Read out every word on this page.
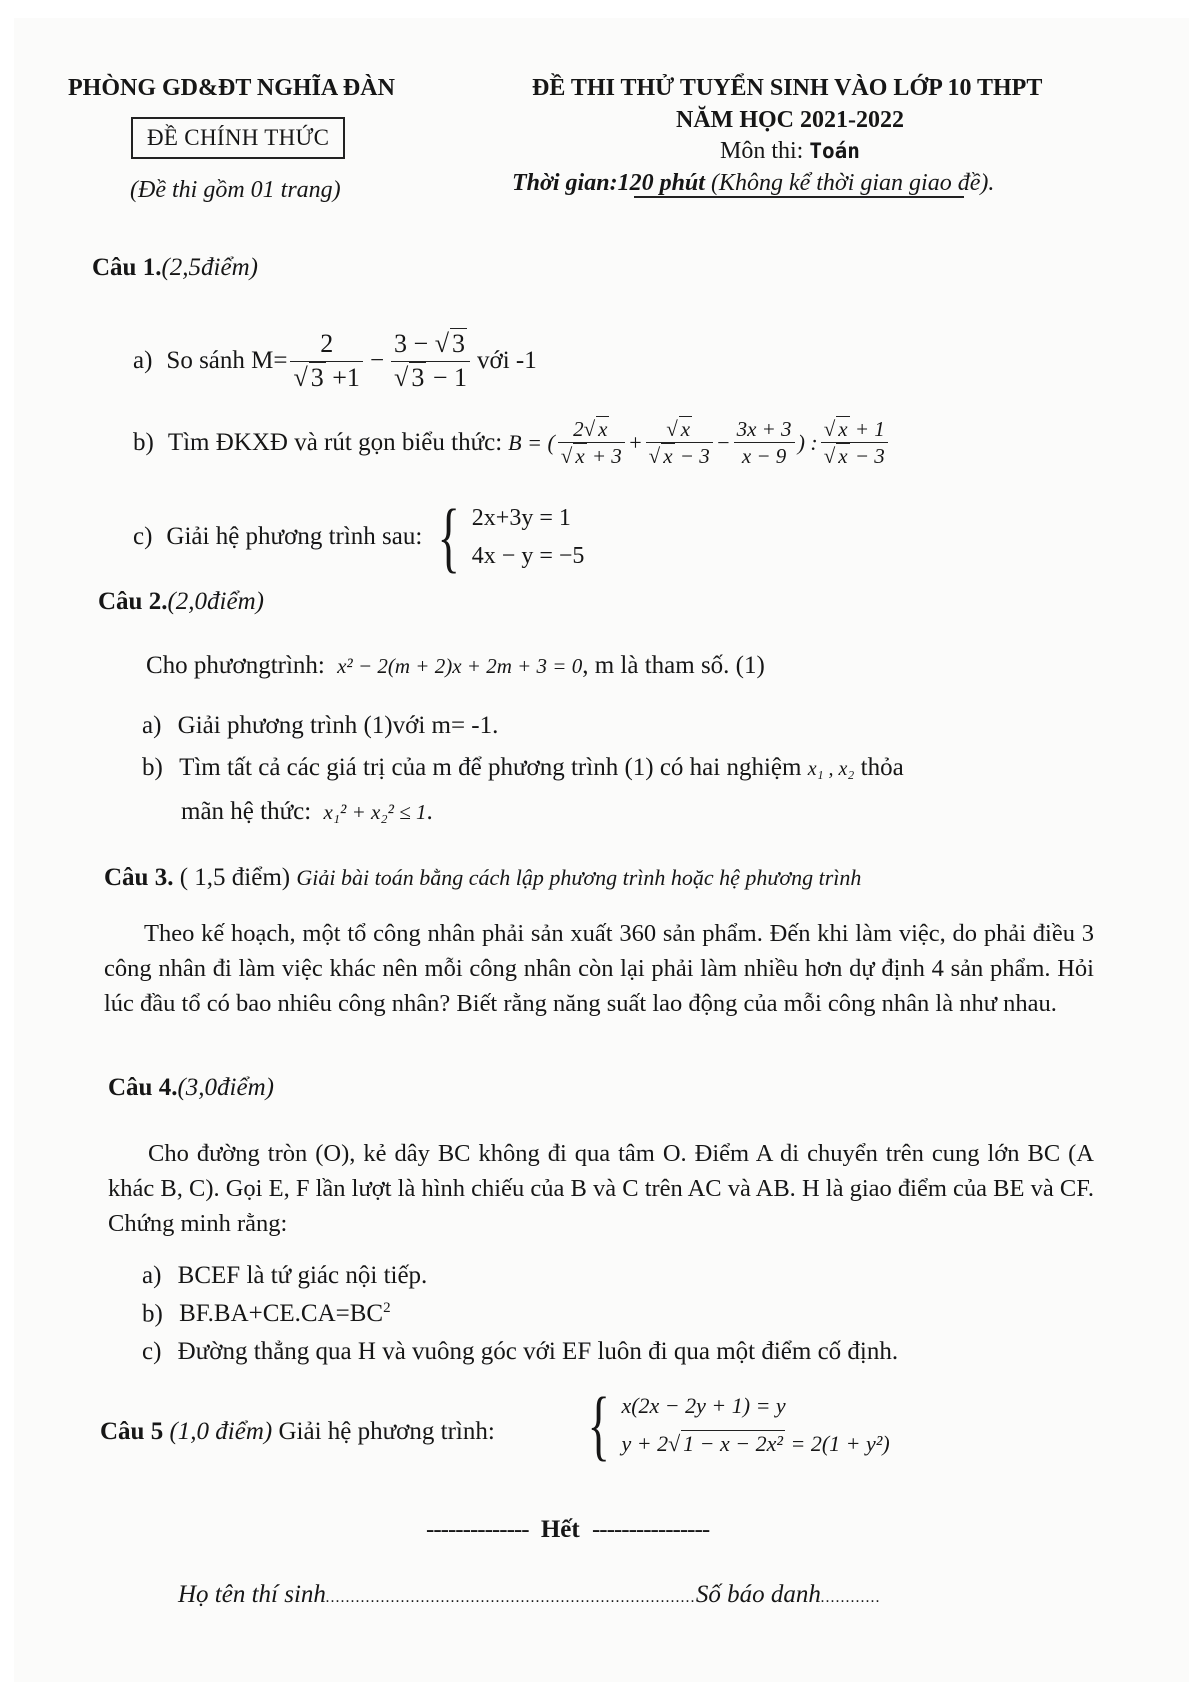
PHÒNG GD&ĐT NGHĨA ĐÀN
ĐỀ CHÍNH THỨC
(Đề thi gồm 01 trang)
ĐỀ THI THỬ TUYỂN SINH VÀO LỚP 10 THPT
NĂM HỌC 2021-2022
Môn thi: Toán
Thời gian:120 phút (Không kể thời gian giao đề).
Câu 1.(2,5điểm)
a) So sánh $M= \frac{2}{√ 3 +1} - \frac{3 - √ 3}{√ 3 - 1}$ với -1
b) Tìm ĐKXĐ và rút gọn biểu thức: B = ( $\frac{2√ x}{√ x + 3} + \frac{√ x}{√ x - 3} - \frac{3x + 3}{x - 9}$ ) : $\frac{√ x + 1}{√ x - 3}$
c) Giải hệ phương trình sau: { 2x+3y = 1
4x − y = −5
Câu 2.(2,0điểm)
Cho phươngtrình: x² − 2(m + 2)x + 2m + 3 = 0, m là tham số. (1)
a) Giải phương trình (1)với m= -1.
b) Tìm tất cả các giá trị của m để phương trình (1) có hai nghiệm x₁ , x₂ thỏa
mãn hệ thức: x₁² + x₂² ≤ 1.
Câu 3. ( 1,5 điểm) Giải bài toán bằng cách lập phương trình hoặc hệ phương trình
Theo kế hoạch, một tổ công nhân phải sản xuất 360 sản phẩm. Đến khi làm việc, do phải điều 3 công nhân đi làm việc khác nên mỗi công nhân còn lại phải làm nhiều hơn dự định 4 sản phẩm. Hỏi lúc đầu tổ có bao nhiêu công nhân? Biết rằng năng suất lao động của mỗi công nhân là như nhau.
Câu 4.(3,0điểm)
Cho đường tròn (O), kẻ dây BC không đi qua tâm O. Điểm A di chuyển trên cung lớn BC (A khác B, C). Gọi E, F lần lượt là hình chiếu của B và C trên AC và AB. H là giao điểm của BE và CF. Chứng minh rằng:
a) BCEF là tứ giác nội tiếp.
b) $BF.BA+CE.CA=BC^2$
c) Đường thẳng qua H và vuông góc với EF luôn đi qua một điểm cố định.
Câu 5 (1,0 điểm) Giải hệ phương trình: { x(2x − 2y + 1) = y
y + 2√ 1 − x − 2x² = 2(1 + y²)
-------------- Hết ----------------
Họ tên thí sinh..........................................................................Số báo danh............
